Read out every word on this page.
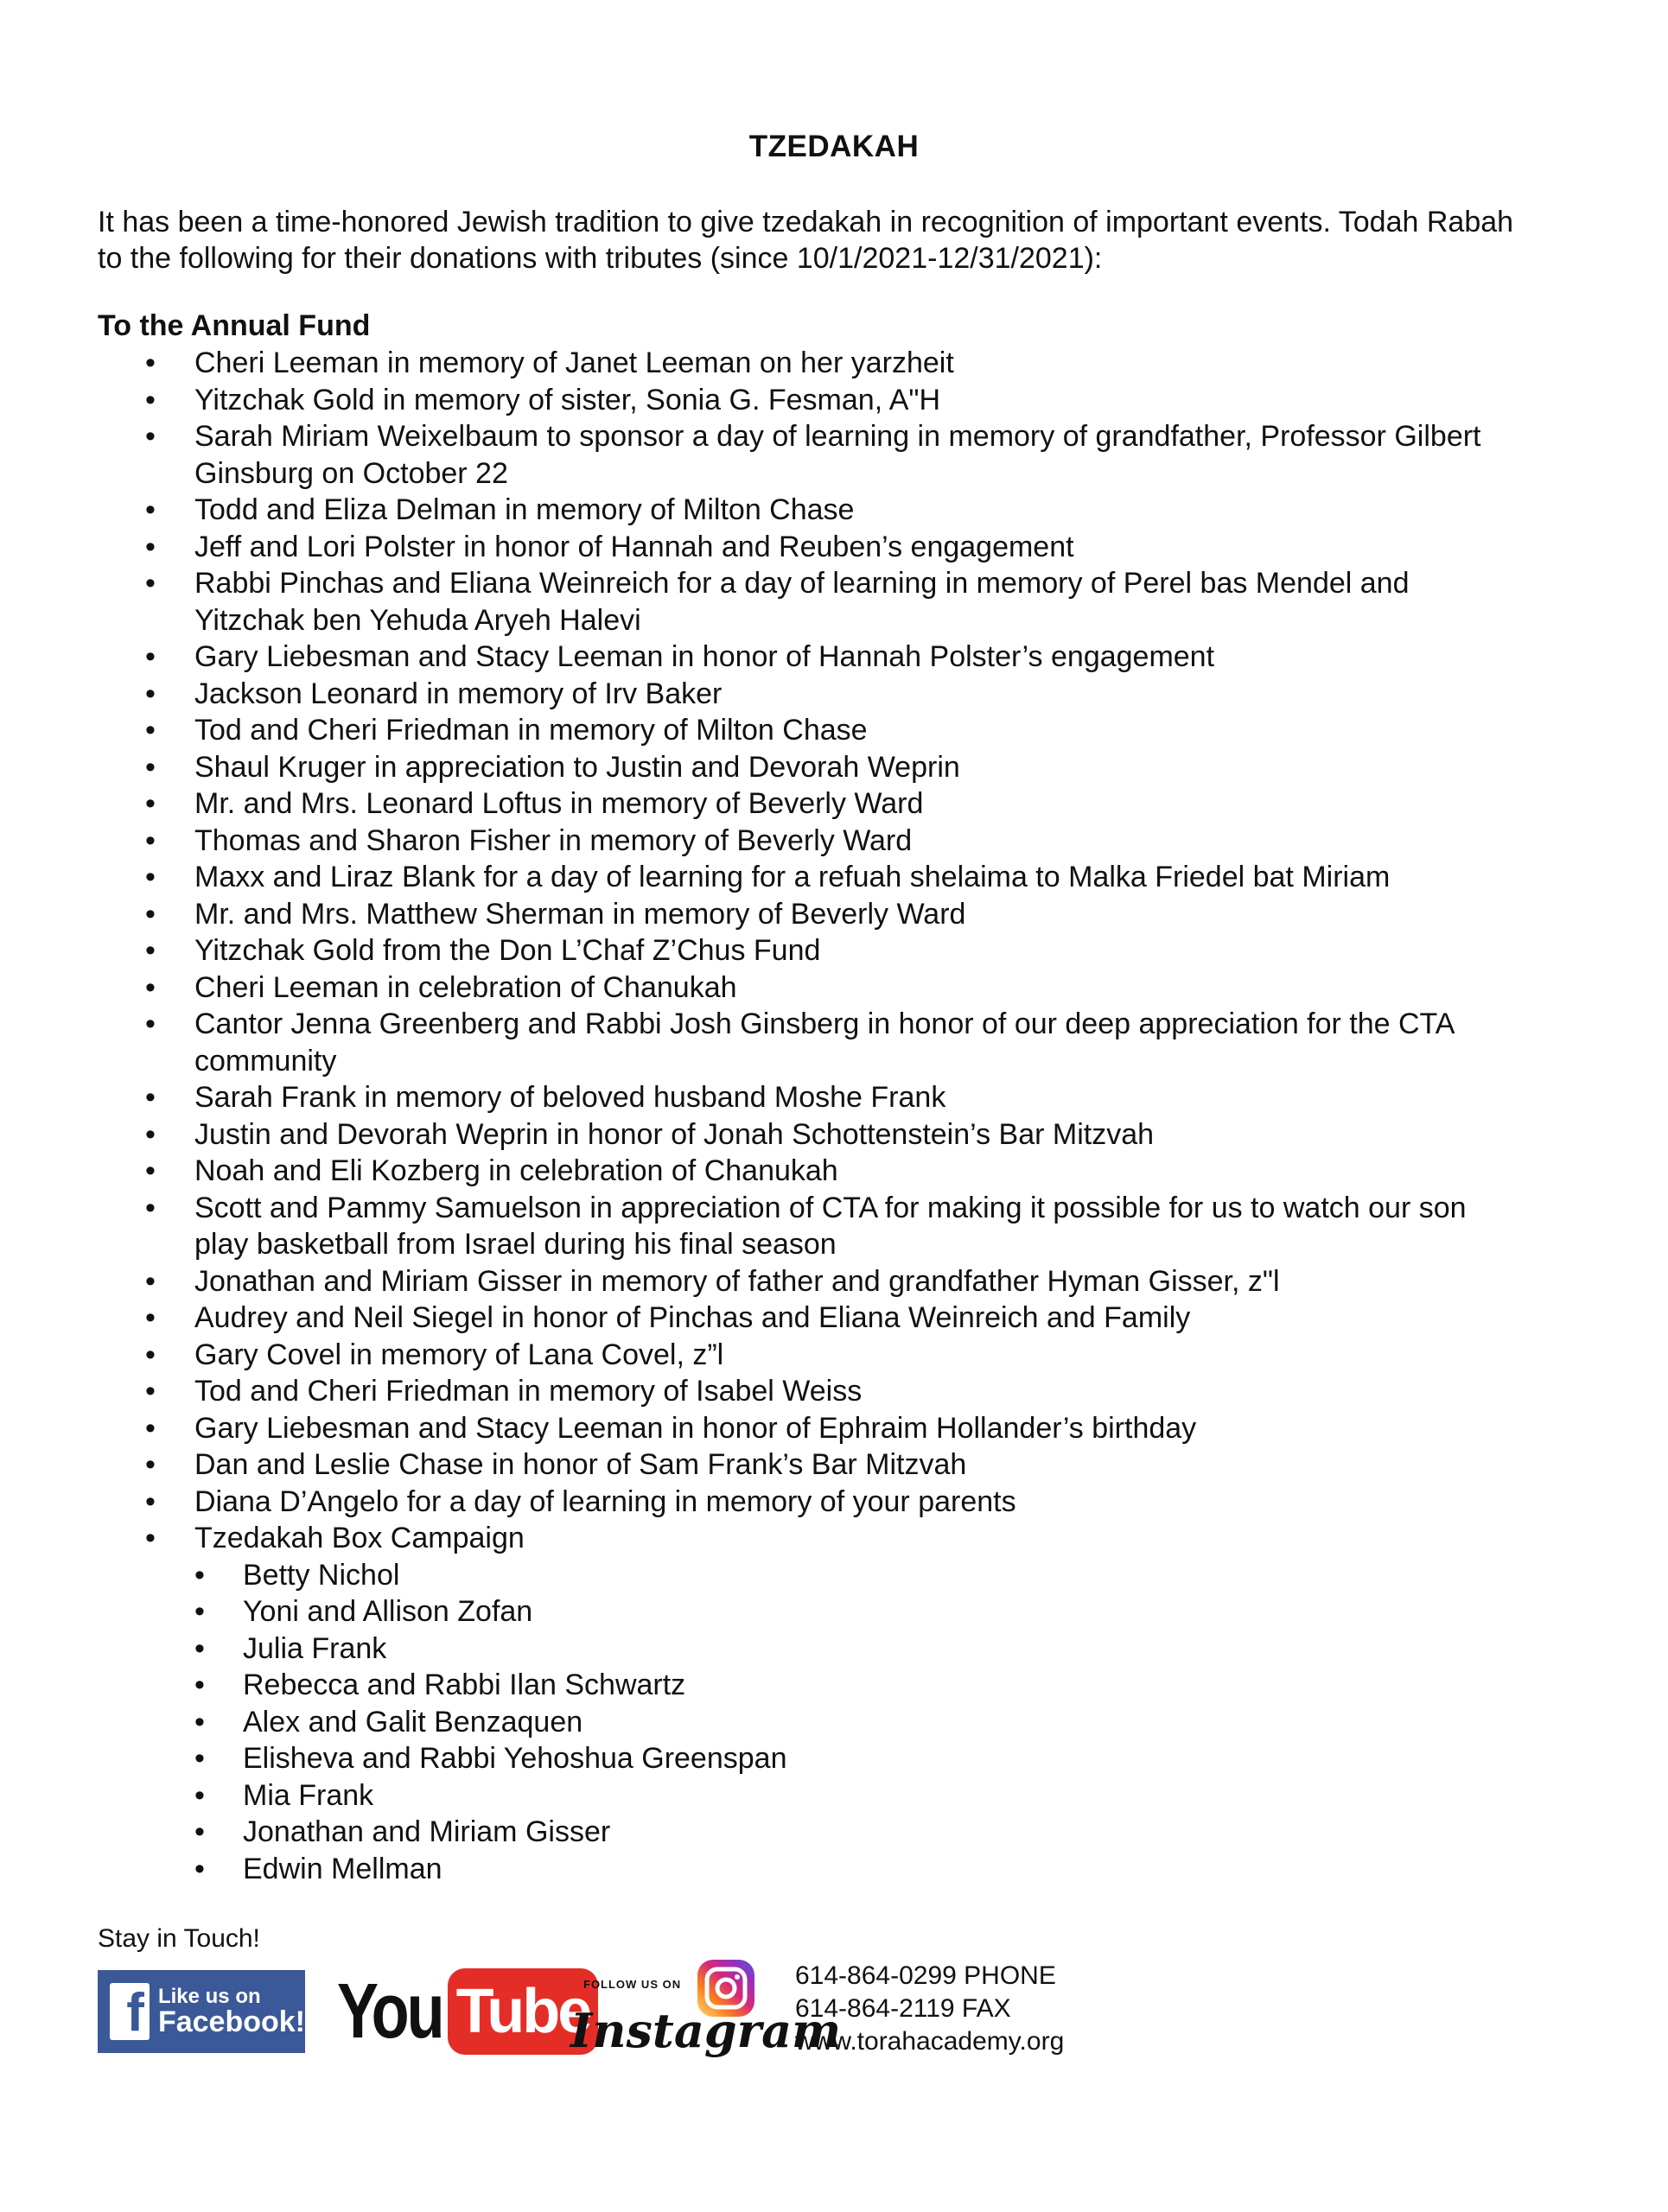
TZEDAKAH
It has been a time-honored Jewish tradition to give tzedakah in recognition of important events. Todah Rabah to the following for their donations with tributes (since 10/1/2021-12/31/2021):
To the Annual Fund
• Cheri Leeman in memory of Janet Leeman on her yarzheit
• Yitzchak Gold in memory of sister, Sonia G. Fesman, A"H
• Sarah Miriam Weixelbaum to sponsor a day of learning in memory of grandfather, Professor Gilbert Ginsburg on October 22
• Todd and Eliza Delman in memory of Milton Chase
• Jeff and Lori Polster in honor of Hannah and Reuben’s engagement
• Rabbi Pinchas and Eliana Weinreich for a day of learning in memory of Perel bas Mendel and Yitzchak ben Yehuda Aryeh Halevi
• Gary Liebesman and Stacy Leeman in honor of Hannah Polster’s engagement
• Jackson Leonard in memory of Irv Baker
• Tod and Cheri Friedman in memory of Milton Chase
• Shaul Kruger in appreciation to Justin and Devorah Weprin
• Mr. and Mrs. Leonard Loftus in memory of Beverly Ward
• Thomas and Sharon Fisher in memory of Beverly Ward
• Maxx and Liraz Blank for a day of learning for a refuah shelaima to Malka Friedel bat Miriam
• Mr. and Mrs. Matthew Sherman in memory of Beverly Ward
• Yitzchak Gold from the Don L’Chaf Z’Chus Fund
• Cheri Leeman in celebration of Chanukah
• Cantor Jenna Greenberg and Rabbi Josh Ginsberg in honor of our deep appreciation for the CTA community
• Sarah Frank in memory of beloved husband Moshe Frank
• Justin and Devorah Weprin in honor of Jonah Schottenstein’s Bar Mitzvah
• Noah and Eli Kozberg in celebration of Chanukah
• Scott and Pammy Samuelson in appreciation of CTA for making it possible for us to watch our son play basketball from Israel during his final season
• Jonathan and Miriam Gisser in memory of father and grandfather Hyman Gisser, z"l
• Audrey and Neil Siegel in honor of Pinchas and Eliana Weinreich and Family
• Gary Covel in memory of Lana Covel, z”l
• Tod and Cheri Friedman in memory of Isabel Weiss
• Gary Liebesman and Stacy Leeman in honor of Ephraim Hollander’s birthday
• Dan and Leslie Chase in honor of Sam Frank’s Bar Mitzvah
• Diana D’Angelo for a day of learning in memory of your parents
• Tzedakah Box Campaign
• Betty Nichol
• Yoni and Allison Zofan
• Julia Frank
• Rebecca and Rabbi Ilan Schwartz
• Alex and Galit Benzaquen
• Elisheva and Rabbi Yehoshua Greenspan
• Mia Frank
• Jonathan and Miriam Gisser
• Edwin Mellman
Stay in Touch!
f Like us on
Facebook! You Tube
FOLLOW US ON
Instagram
614-864-0299 PHONE
614-864-2119 FAX
www.torahacademy.org
